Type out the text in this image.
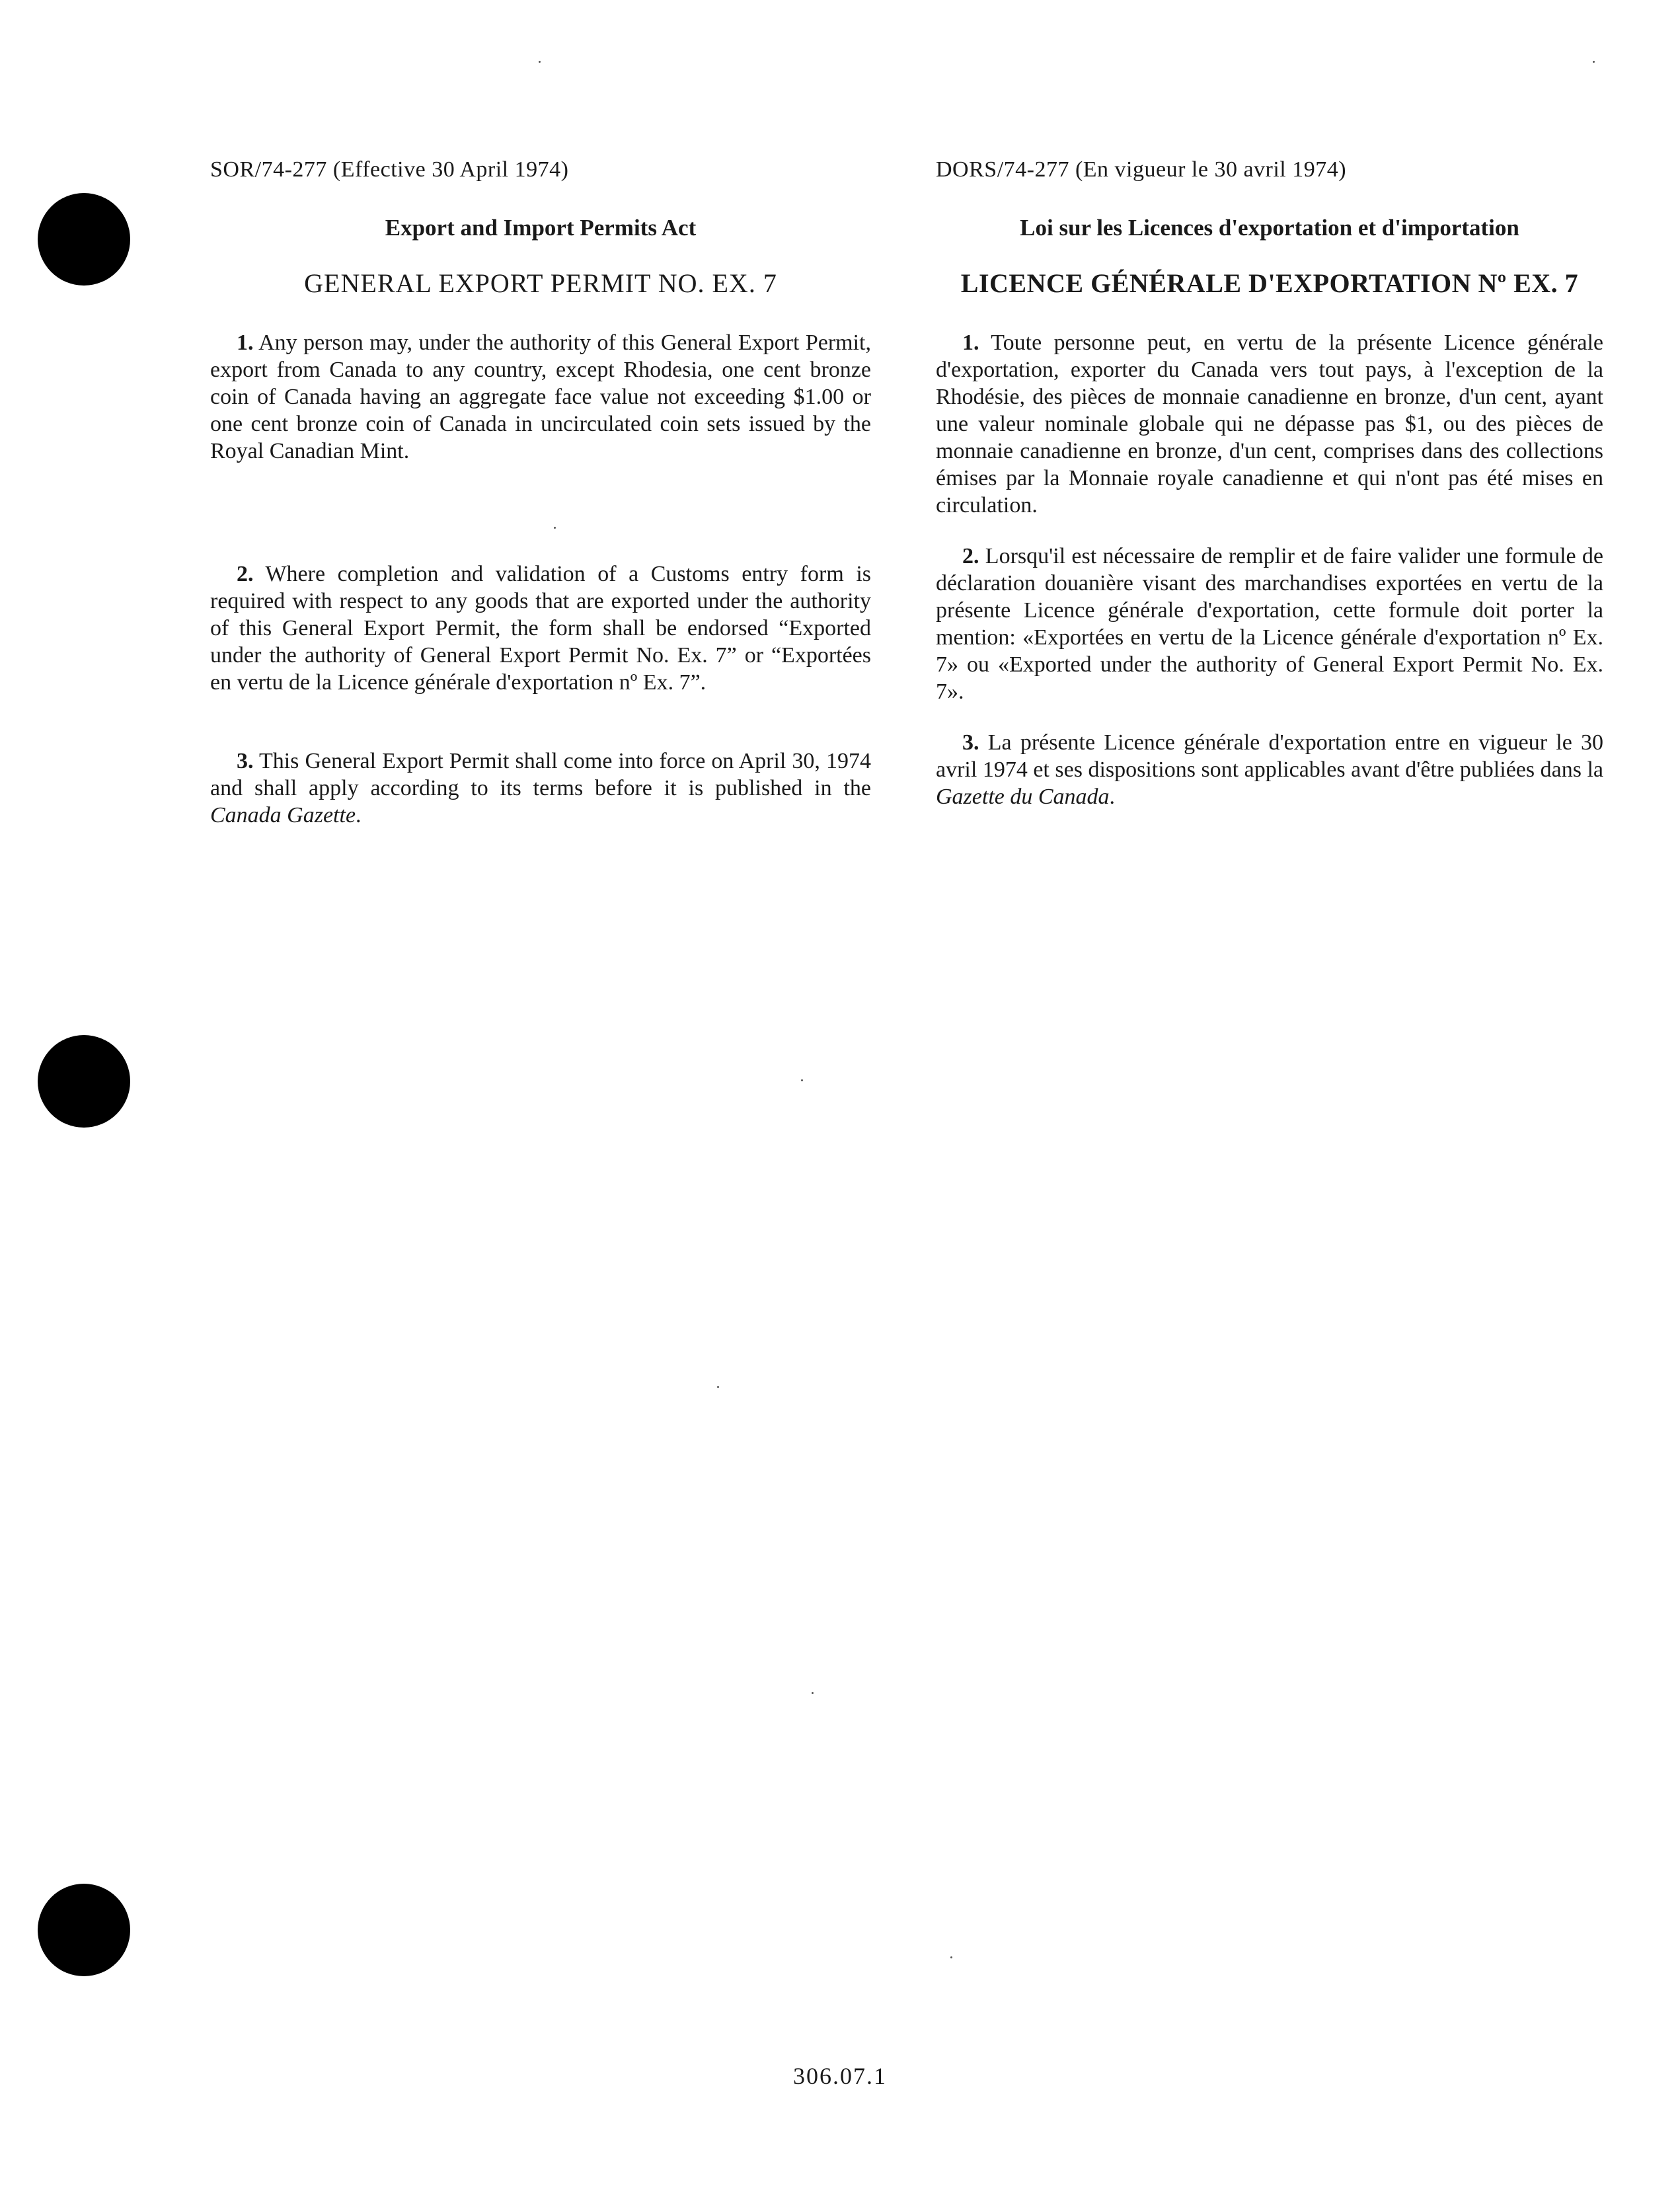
SOR/74-277 (Effective 30 April 1974)

Export and Import Permits Act

GENERAL EXPORT PERMIT NO. EX. 7

1. Any person may, under the authority of this General Export Permit, export from Canada to any country, except Rhodesia, one cent bronze coin of Canada having an aggregate face value not exceeding $1.00 or one cent bronze coin of Canada in uncirculated coin sets issued by the Royal Canadian Mint.

2. Where completion and validation of a Customs entry form is required with respect to any goods that are exported under the authority of this General Export Permit, the form shall be endorsed “Exported under the authority of General Export Permit No. Ex. 7” or “Exportées en vertu de la Licence générale d'exportation nº Ex. 7”.

3. This General Export Permit shall come into force on April 30, 1974 and shall apply according to its terms before it is published in the Canada Gazette.

DORS/74-277 (En vigueur le 30 avril 1974)

Loi sur les Licences d'exportation et d'importation

LICENCE GÉNÉRALE D'EXPORTATION Nº EX. 7

1. Toute personne peut, en vertu de la présente Licence générale d'exportation, exporter du Canada vers tout pays, à l'exception de la Rhodésie, des pièces de monnaie canadienne en bronze, d'un cent, ayant une valeur nominale globale qui ne dépasse pas $1, ou des pièces de monnaie canadienne en bronze, d'un cent, comprises dans des collections émises par la Monnaie royale canadienne et qui n'ont pas été mises en circulation.

2. Lorsqu'il est nécessaire de remplir et de faire valider une formule de déclaration douanière visant des marchandises exportées en vertu de la présente Licence générale d'exportation, cette formule doit porter la mention: «Exportées en vertu de la Licence générale d'exportation nº Ex. 7» ou «Exported under the authority of General Export Permit No. Ex. 7».

3. La présente Licence générale d'exportation entre en vigueur le 30 avril 1974 et ses dispositions sont applicables avant d'être publiées dans la Gazette du Canada.

306.07.1
